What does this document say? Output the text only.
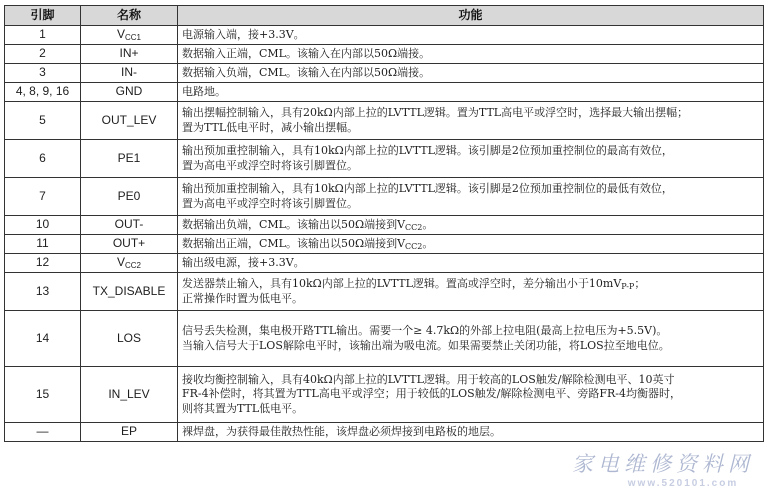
引脚	名称	功能
1	$V_{CC1}$	电源输入端，接+3.3V。

2	IN+	数据输入正端，CML。该输入在内部以50Ω端接。

3	IN-	数据输入负端，CML。该输入在内部以50Ω端接。

4, 8, 9, 16	GND	电路地。

5	OUT_LEV	输出摆幅控制输入，具有20kΩ内部上拉的LVTTL逻辑。置为TTL高电平或浮空时，选择最大输出摆幅；
置为TTL低电平时，减小输出摆幅。

6	PE1	输出预加重控制输入，具有10kΩ内部上拉的LVTTL逻辑。该引脚是2位预加重控制位的最高有效位，
置为高电平或浮空时将该引脚置位。

7	PE0	输出预加重控制输入，具有10kΩ内部上拉的LVTTL逻辑。该引脚是2位预加重控制位的最低有效位，
置为高电平或浮空时将该引脚置位。

10	OUT-	数据输出负端，CML。该输出以50Ω端接到$V_{CC2}$。

11	OUT+	数据输出正端，CML。该输出以50Ω端接到$V_{CC2}$。

12	$V_{CC2}$	输出级电源，接+3.3V。

13	TX_DISABLE	发送器禁止输入，具有10kΩ内部上拉的LVTTL逻辑。置高或浮空时，差分输出小于$10mV_{P-P}$；
正常操作时置为低电平。

14	LOS	信号丢失检测，集电极开路TTL输出。需要一个≥ 4.7kΩ的外部上拉电阻(最高上拉电压为+5.5V)。
当输入信号大于LOS解除电平时，该输出端为吸电流。如果需要禁止关闭功能，将LOS拉至地电位。

15	IN_LEV	接收均衡控制输入，具有40kΩ内部上拉的LVTTL逻辑。用于较高的LOS触发/解除检测电平、10英寸
FR-4补偿时，将其置为TTL高电平或浮空；用于较低的LOS触发/解除检测电平、旁路FR-4均衡器时，
则将其置为TTL低电平。

—	EP	裸焊盘，为获得最佳散热性能，该焊盘必须焊接到电路板的地层。
家电维修资料网
www.520101.com
